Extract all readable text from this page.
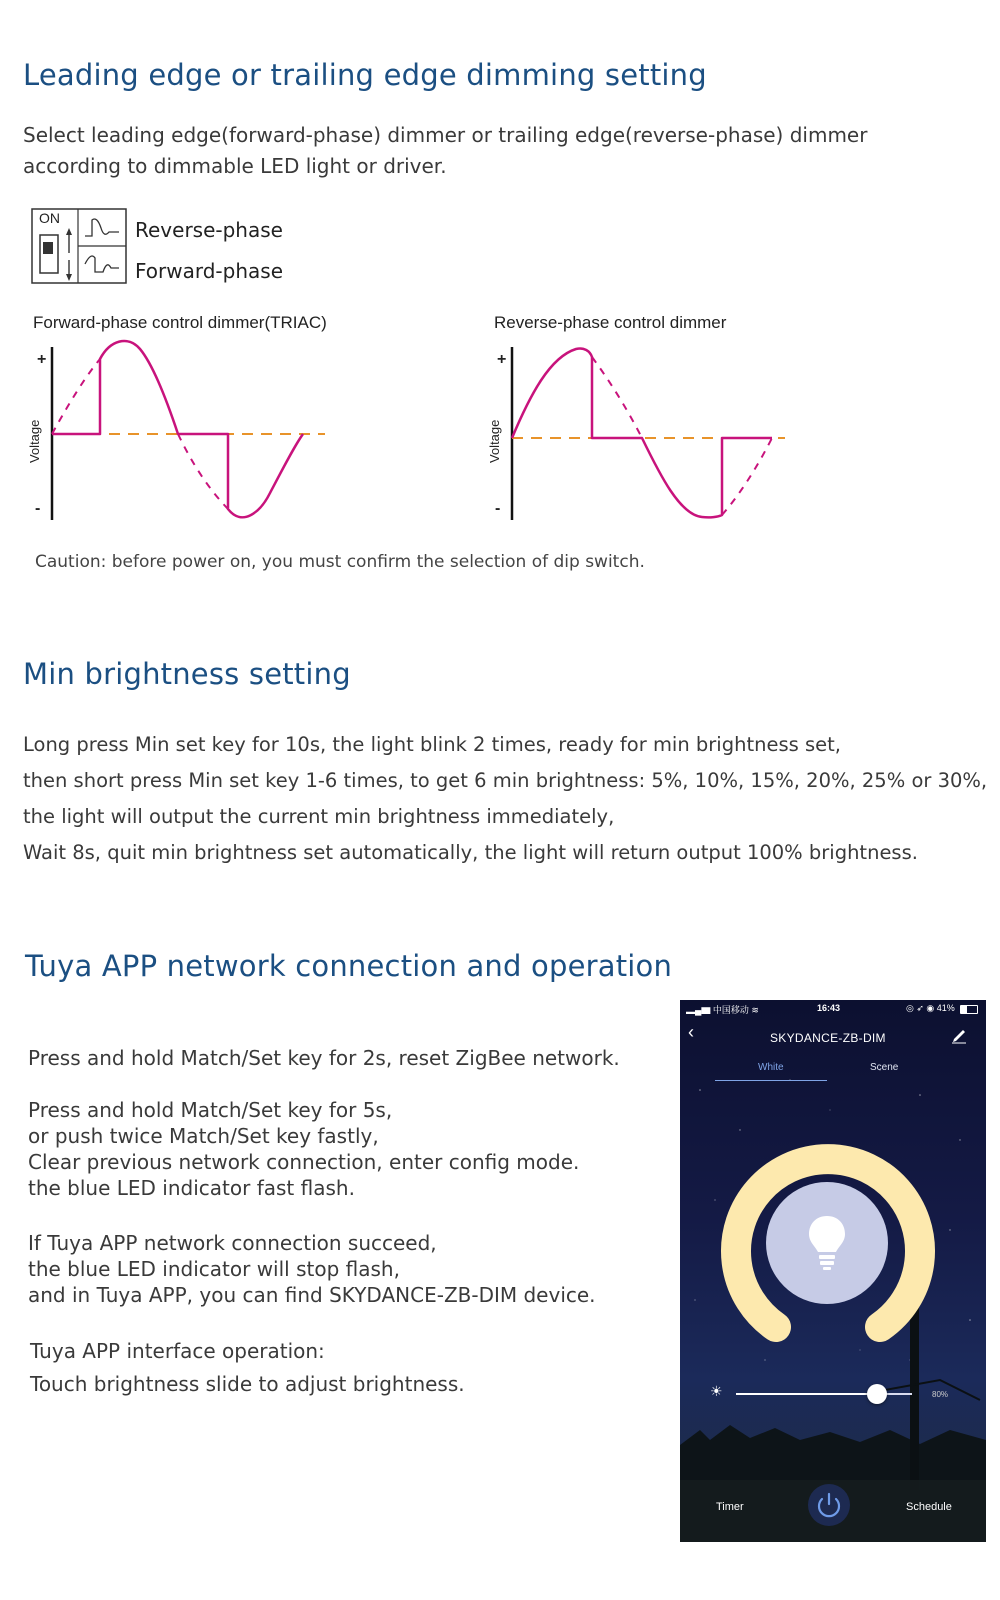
Leading edge or trailing edge dimming setting
Select leading edge(forward-phase) dimmer or trailing edge(reverse-phase) dimmer
according to dimmable LED light or driver.
ON	Reverse-phase
Forward-phase
Forward-phase control dimmer(TRIAC)	Reverse-phase control dimmer
+
-
Voltage
+
-
Voltage
Caution: before power on, you must confirm the selection of dip switch.
Min brightness setting
Long press Min set key for 10s, the light blink 2 times, ready for min brightness set,
then short press Min set key 1-6 times, to get 6 min brightness: 5%, 10%, 15%, 20%, 25% or 30%,
the light will output the current min brightness immediately,
Wait 8s, quit min brightness set automatically, the light will return output 100% brightness.
Tuya APP network connection and operation
Press and hold Match/Set key for 2s, reset ZigBee network.
Press and hold Match/Set key for 5s,
or push twice Match/Set key fastly,
Clear previous network connection, enter config mode.
the blue LED indicator fast flash.
If Tuya APP network connection succeed,
the blue LED indicator will stop flash,
and in Tuya APP, you can find SKYDANCE-ZB-DIM device.
Tuya APP interface operation:
Touch brightness slide to adjust brightness.
▂▄▆ 中国移动 ≋	16:43	◎ ➶ ◉ 41%
‹	SKYDANCE-ZB-DIM
White	Scene
☀	80%
Timer	Schedule
